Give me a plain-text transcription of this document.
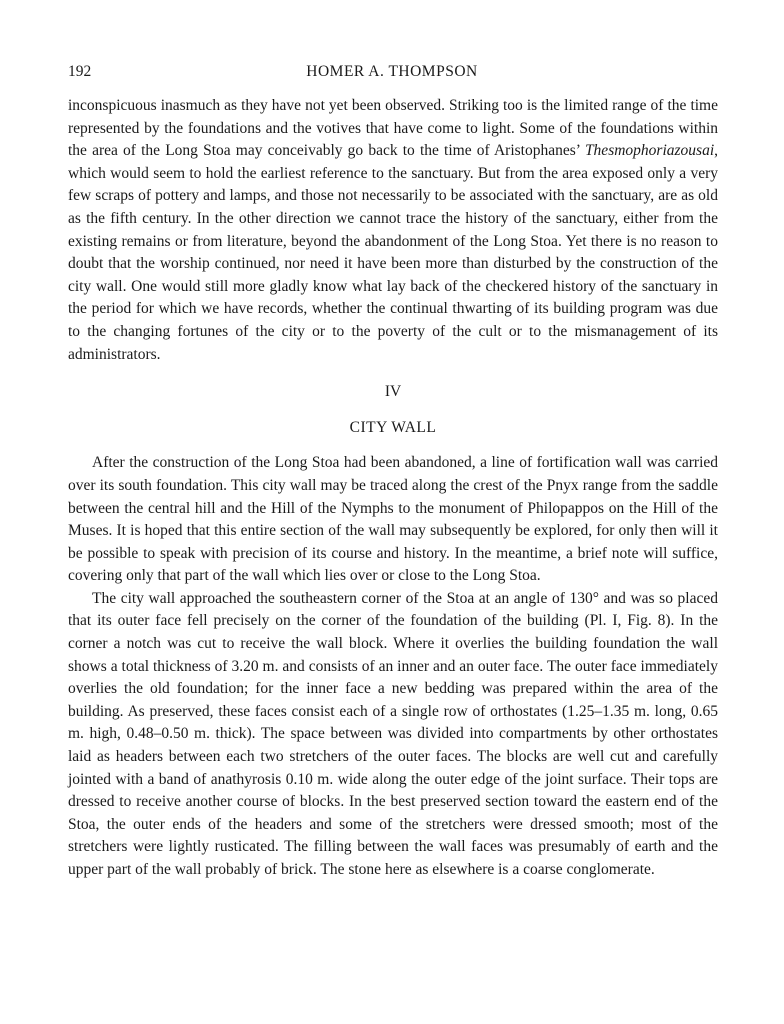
192	HOMER A. THOMPSON

inconspicuous inasmuch as they have not yet been observed. Striking too is the limited range of the time represented by the foundations and the votives that have come to light. Some of the foundations within the area of the Long Stoa may conceivably go back to the time of Aristophanes’ Thesmophoriazousai, which would seem to hold the earliest reference to the sanctuary. But from the area exposed only a very few scraps of pottery and lamps, and those not necessarily to be associated with the sanctuary, are as old as the fifth century. In the other direction we cannot trace the history of the sanctuary, either from the existing remains or from literature, beyond the abandonment of the Long Stoa. Yet there is no reason to doubt that the worship continued, nor need it have been more than disturbed by the construction of the city wall. One would still more gladly know what lay back of the checkered history of the sanctuary in the period for which we have records, whether the continual thwarting of its building program was due to the changing fortunes of the city or to the poverty of the cult or to the mismanagement of its administrators.

IV
CITY WALL

After the construction of the Long Stoa had been abandoned, a line of fortification wall was carried over its south foundation. This city wall may be traced along the crest of the Pnyx range from the saddle between the central hill and the Hill of the Nymphs to the monument of Philopappos on the Hill of the Muses. It is hoped that this entire section of the wall may subsequently be explored, for only then will it be possible to speak with precision of its course and history. In the meantime, a brief note will suffice, covering only that part of the wall which lies over or close to the Long Stoa.

The city wall approached the southeastern corner of the Stoa at an angle of 130° and was so placed that its outer face fell precisely on the corner of the foundation of the building (Pl. I, Fig. 8). In the corner a notch was cut to receive the wall block. Where it overlies the building foundation the wall shows a total thickness of 3.20 m. and consists of an inner and an outer face. The outer face immediately overlies the old foundation; for the inner face a new bedding was prepared within the area of the building. As preserved, these faces consist each of a single row of orthostates (1.25–1.35 m. long, 0.65 m. high, 0.48–0.50 m. thick). The space between was divided into compartments by other orthostates laid as headers between each two stretchers of the outer faces. The blocks are well cut and carefully jointed with a band of anathyrosis 0.10 m. wide along the outer edge of the joint surface. Their tops are dressed to receive another course of blocks. In the best preserved section toward the eastern end of the Stoa, the outer ends of the headers and some of the stretchers were dressed smooth; most of the stretchers were lightly rusticated. The filling between the wall faces was presumably of earth and the upper part of the wall probably of brick. The stone here as elsewhere is a coarse conglomerate.
